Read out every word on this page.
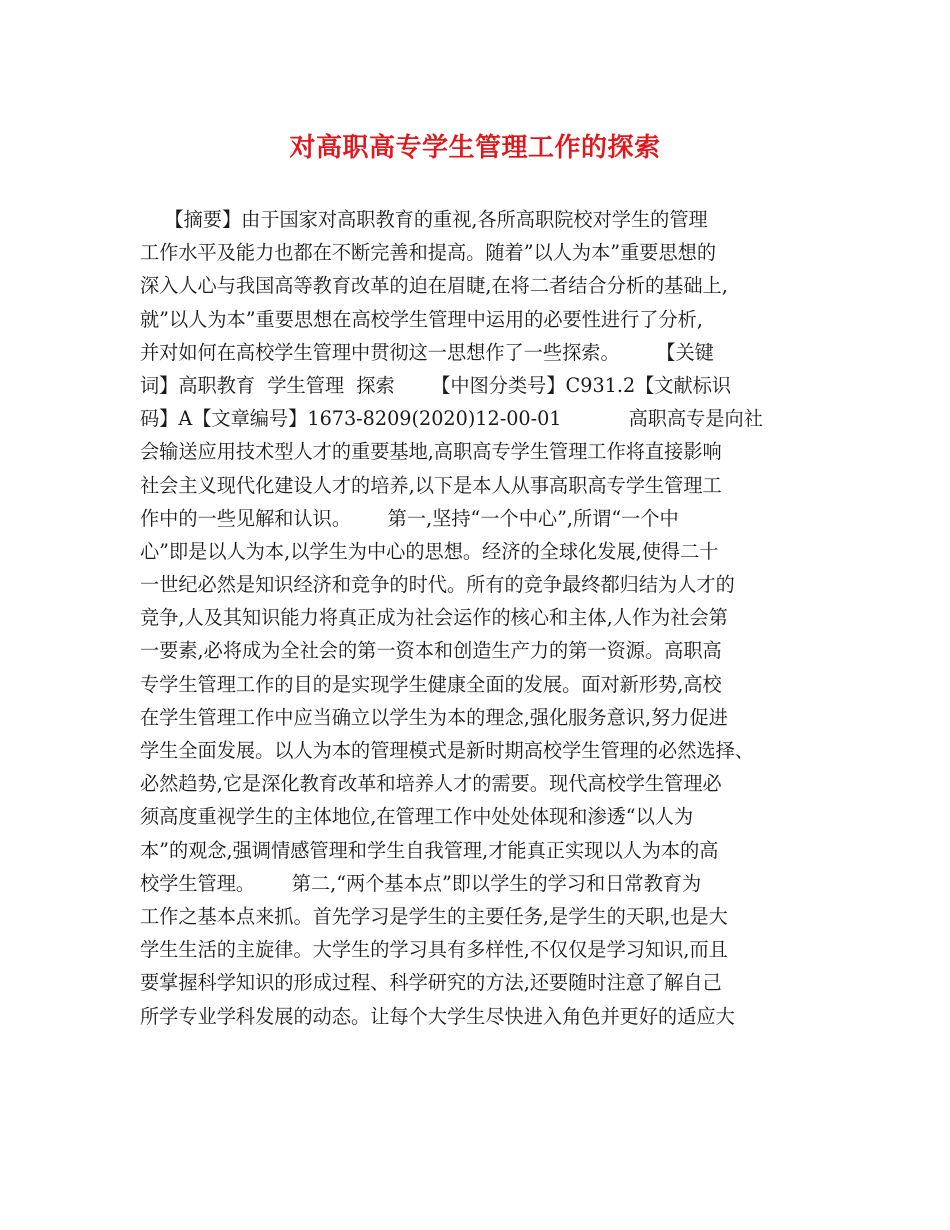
对高职高专学生管理工作的探索
【摘要】由于国家对高职教育的重视,各所高职院校对学生的管理
工作水平及能力也都在不断完善和提高。随着”以人为本”重要思想的
深入人心与我国高等教育改革的迫在眉睫,在将二者结合分析的基础上,
就”以人为本”重要思想在高校学生管理中运用的必要性进行了分析,
并对如何在高校学生管理中贯彻这一思想作了一些探索。      【关键
词】高职教育  学生管理  探索      【中图分类号】C931.2【文献标识
码】A【文章编号】1673-8209(2020)12-00-01           高职高专是向社
会输送应用技术型人才的重要基地,高职高专学生管理工作将直接影响
社会主义现代化建设人才的培养,以下是本人从事高职高专学生管理工
作中的一些见解和认识。      第一,坚持“一个中心”,所谓“一个中
心”即是以人为本,以学生为中心的思想。经济的全球化发展,使得二十
一世纪必然是知识经济和竞争的时代。所有的竞争最终都归结为人才的
竞争,人及其知识能力将真正成为社会运作的核心和主体,人作为社会第
一要素,必将成为全社会的第一资本和创造生产力的第一资源。高职高
专学生管理工作的目的是实现学生健康全面的发展。面对新形势,高校
在学生管理工作中应当确立以学生为本的理念,强化服务意识,努力促进
学生全面发展。以人为本的管理模式是新时期高校学生管理的必然选择、
必然趋势,它是深化教育改革和培养人才的需要。现代高校学生管理必
须高度重视学生的主体地位,在管理工作中处处体现和渗透“以人为
本”的观念,强调情感管理和学生自我管理,才能真正实现以人为本的高
校学生管理。      第二,“两个基本点”即以学生的学习和日常教育为
工作之基本点来抓。首先学习是学生的主要任务,是学生的天职,也是大
学生生活的主旋律。大学生的学习具有多样性,不仅仅是学习知识,而且
要掌握科学知识的形成过程、科学研究的方法,还要随时注意了解自己
所学专业学科发展的动态。让每个大学生尽快进入角色并更好的适应大
